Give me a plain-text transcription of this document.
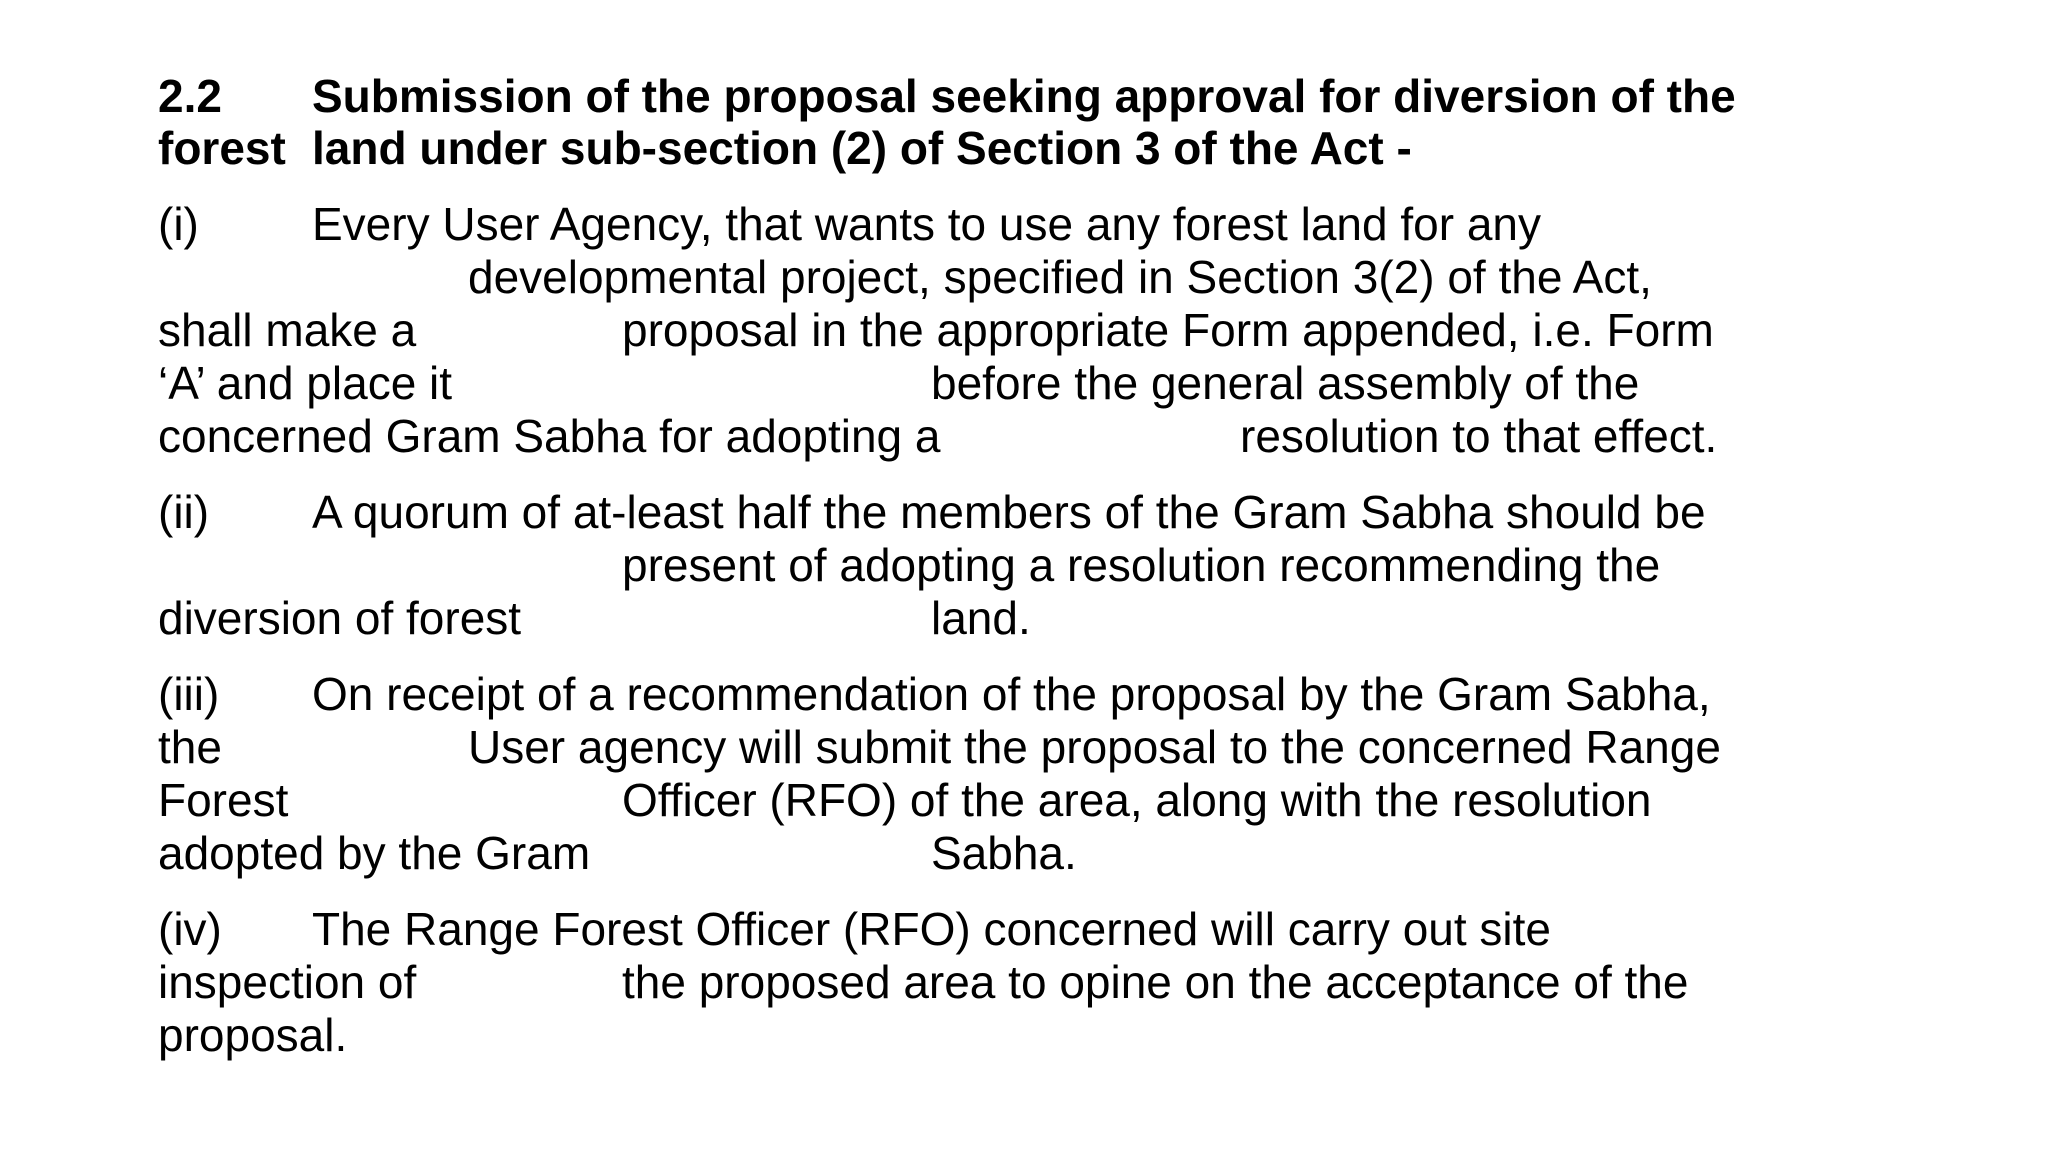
2.2 Submission of the proposal seeking approval for diversion of the
forest land under sub-section (2) of Section 3 of the Act -
(i) Every User Agency, that wants to use any forest land for any
developmental project, specified in Section 3(2) of the Act,
shall make a	proposal in the appropriate Form appended, i.e. Form
‘A’ and place it	before the general assembly of the
concerned Gram Sabha for adopting a	resolution to that effect.
(ii) A quorum of at-least half the members of the Gram Sabha should be
present of adopting a resolution recommending the
diversion of forest	land.
(iii) On receipt of a recommendation of the proposal by the Gram Sabha,
the	User agency will submit the proposal to the concerned Range
Forest	Officer (RFO) of the area, along with the resolution
adopted by the Gram	Sabha.
(iv) The Range Forest Officer (RFO) concerned will carry out site
inspection of	the proposed area to opine on the acceptance of the
proposal.
